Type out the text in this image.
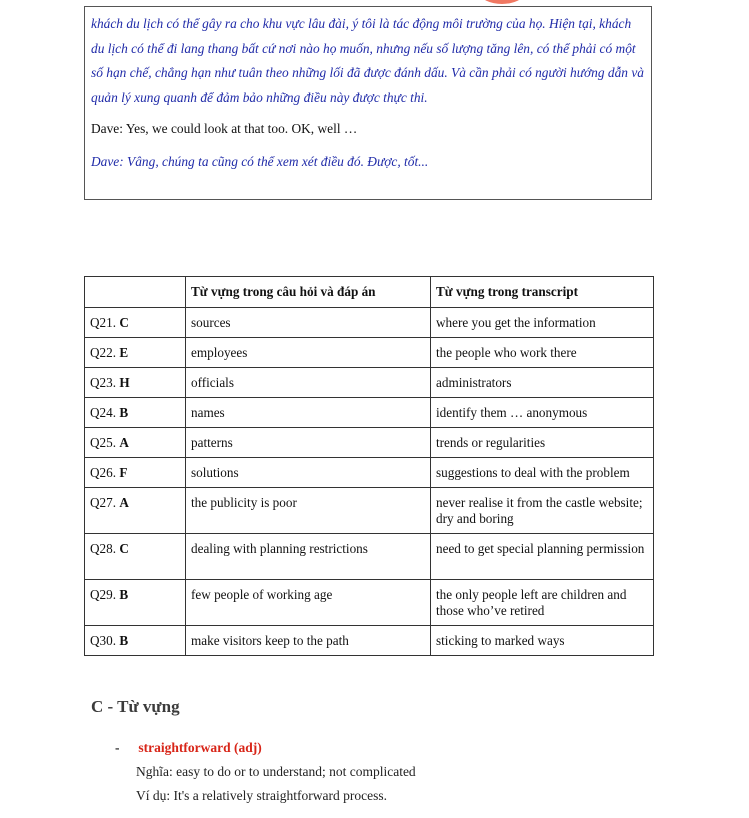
khách du lịch có thể gây ra cho khu vực lâu đài, ý tôi là tác động môi trường của họ. Hiện tại, khách du lịch có thể đi lang thang bất cứ nơi nào họ muốn, nhưng nếu số lượng tăng lên, có thể phải có một số hạn chế, chẳng hạn như tuân theo những lối đã được đánh dấu. Và cần phải có người hướng dẫn và quản lý xung quanh để đảm bảo những điều này được thực thi.

Dave: Yes, we could look at that too. OK, well …

Dave: Vâng, chúng ta cũng có thể xem xét điều đó. Được, tốt...

	Từ vựng trong câu hỏi và đáp án	Từ vựng trong transcript
Q21. C	sources	where you get the information
Q22. E	employees	the people who work there
Q23. H	officials	administrators
Q24. B	names	identify them … anonymous
Q25. A	patterns	trends or regularities
Q26. F	solutions	suggestions to deal with the problem
Q27. A	the publicity is poor	never realise it from the castle website; dry and boring
Q28. C	dealing with planning restrictions	need to get special planning permission
Q29. B	few people of working age	the only people left are children and those who’ve retired
Q30. B	make visitors keep to the path	sticking to marked ways
C - Từ vựng

- straightforward (adj)

Nghĩa: easy to do or to understand; not complicated

Ví dụ: It's a relatively straightforward process.
